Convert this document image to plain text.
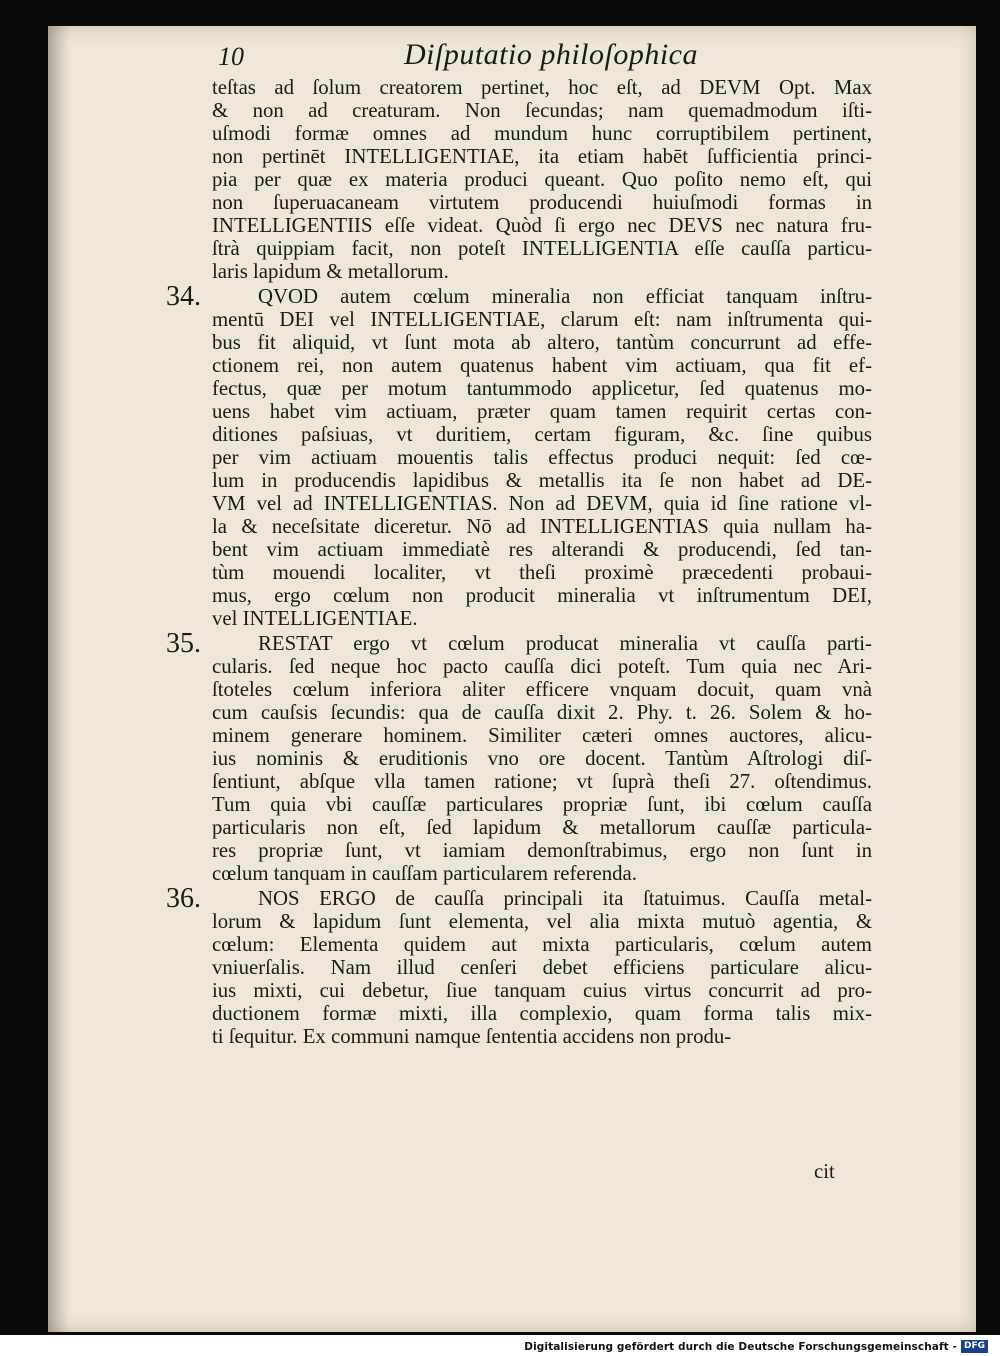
10	Diſputatio philoſophica
teſtas ad ſolum creatorem pertinet, hoc eſt, ad DEVM Opt. Max
& non ad creaturam. Non ſecundas; nam quemadmodum iſti-
uſmodi formæ omnes ad mundum hunc corruptibilem pertinent,
non pertinēt INTELLIGENTIAE, ita etiam habēt ſufficientia princi-
pia per quæ ex materia produci queant. Quo poſito nemo eſt, qui
non ſuperuacaneam virtutem producendi huiuſmodi formas in
INTELLIGENTIIS eſſe videat. Quòd ſi ergo nec DEVS nec natura fru-
ſtrà quippiam facit, non poteſt INTELLIGENTIA eſſe cauſſa particu-
laris lapidum & metallorum.
34.	QVOD autem cœlum mineralia non efficiat tanquam inſtru-
mentū DEI vel INTELLIGENTIAE, clarum eſt: nam inſtrumenta qui-
bus fit aliquid, vt ſunt mota ab altero, tantùm concurrunt ad effe-
ctionem rei, non autem quatenus habent vim actiuam, qua fit ef-
fectus, quæ per motum tantummodo applicetur, ſed quatenus mo-
uens habet vim actiuam, præter quam tamen requirit certas con-
ditiones paſsiuas, vt duritiem, certam figuram, &c. ſine quibus
per vim actiuam mouentis talis effectus produci nequit: ſed cœ-
lum in producendis lapidibus & metallis ita ſe non habet ad DE-
VM vel ad INTELLIGENTIAS. Non ad DEVM, quia id ſine ratione vl-
la & neceſsitate diceretur. Nō ad INTELLIGENTIAS quia nullam ha-
bent vim actiuam immediatè res alterandi & producendi, ſed tan-
tùm mouendi localiter, vt theſi proximè præcedenti probaui-
mus, ergo cœlum non producit mineralia vt inſtrumentum DEI,
vel INTELLIGENTIAE.
35.	RESTAT ergo vt cœlum producat mineralia vt cauſſa parti-
cularis. ſed neque hoc pacto cauſſa dici poteſt. Tum quia nec Ari-
ſtoteles cœlum inferiora aliter efficere vnquam docuit, quam vnà
cum cauſsis ſecundis: qua de cauſſa dixit 2. Phy. t. 26. Solem & ho-
minem generare hominem. Similiter cæteri omnes auctores, alicu-
ius nominis & eruditionis vno ore docent. Tantùm Aſtrologi diſ-
ſentiunt, abſque vlla tamen ratione; vt ſuprà theſi 27. oſtendimus.
Tum quia vbi cauſſæ particulares propriæ ſunt, ibi cœlum cauſſa
particularis non eſt, ſed lapidum & metallorum cauſſæ particula-
res propriæ ſunt, vt iamiam demonſtrabimus, ergo non ſunt in
cœlum tanquam in cauſſam particularem referenda.
36.	NOS ERGO de cauſſa principali ita ſtatuimus. Cauſſa metal-
lorum & lapidum ſunt elementa, vel alia mixta mutuò agentia, &
cœlum: Elementa quidem aut mixta particularis, cœlum autem
vniuerſalis. Nam illud cenſeri debet efficiens particulare alicu-
ius mixti, cui debetur, ſiue tanquam cuius virtus concurrit ad pro-
ductionem formæ mixti, illa complexio, quam forma talis mix-
ti ſequitur. Ex communi namque ſententia accidens non produ-
cit
Digitalisierung gefördert durch die Deutsche Forschungsgemeinschaft - DFG
